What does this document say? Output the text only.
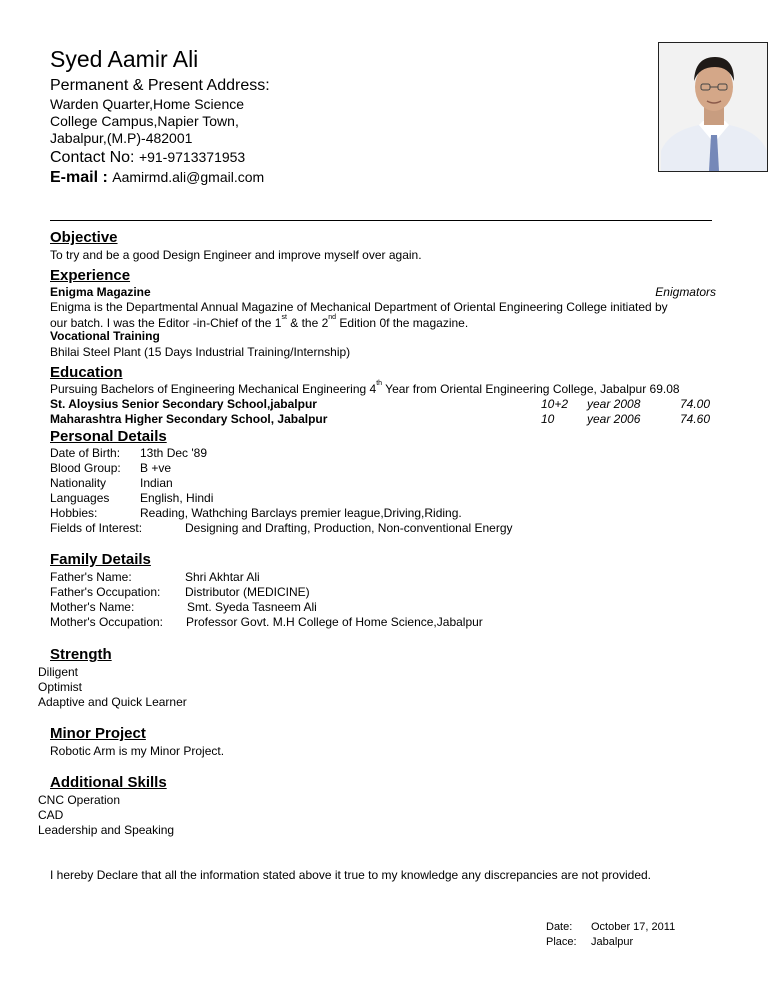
Syed Aamir Ali
Permanent & Present Address:
Warden Quarter,Home Science
College Campus,Napier Town,
Jabalpur,(M.P)-482001
Contact No: +91-9713371953
E-mail : Aamirmd.ali@gmail.com
Objective
To try and be a good Design Engineer and improve myself over again.
Experience
Enigma Magazine	Enigmators
Enigma is the Departmental Annual Magazine of Mechanical Department of Oriental Engineering College initiated by
our batch. I was the Editor -in-Chief of the 1st & the 2nd Edition 0f the magazine.
Vocational Training
Bhilai Steel Plant (15 Days Industrial Training/Internship)
Education
Pursuing Bachelors of Engineering Mechanical Engineering 4th Year from Oriental Engineering College, Jabalpur 69.08
St. Aloysius Senior Secondary School,jabalpur	10+2 year 2008	74.00
Maharashtra Higher Secondary School, Jabalpur	10	year 2006	74.60
Personal Details
Date of Birth: 13th Dec '89
Blood Group: B +ve
Nationality	Indian
Languages	English, Hindi
Hobbies:	Reading, Wathching Barclays premier league,Driving,Riding.
Fields of Interest:	Designing and Drafting, Production, Non-conventional Energy
Family Details
Father's Name:	Shri Akhtar Ali
Father's Occupation: Distributor (MEDICINE)
Mother's Name:	Smt. Syeda Tasneem Ali
Mother's Occupation: Professor Govt. M.H College of Home Science,Jabalpur
Strength
Diligent
Optimist
Adaptive and Quick Learner
Minor Project
Robotic Arm is my Minor Project.
Additional Skills
CNC Operation
CAD
Leadership and Speaking
I hereby Declare that all the information stated above it true to my knowledge any discrepancies are not provided.
Date: October 17, 2011
Place: Jabalpur
